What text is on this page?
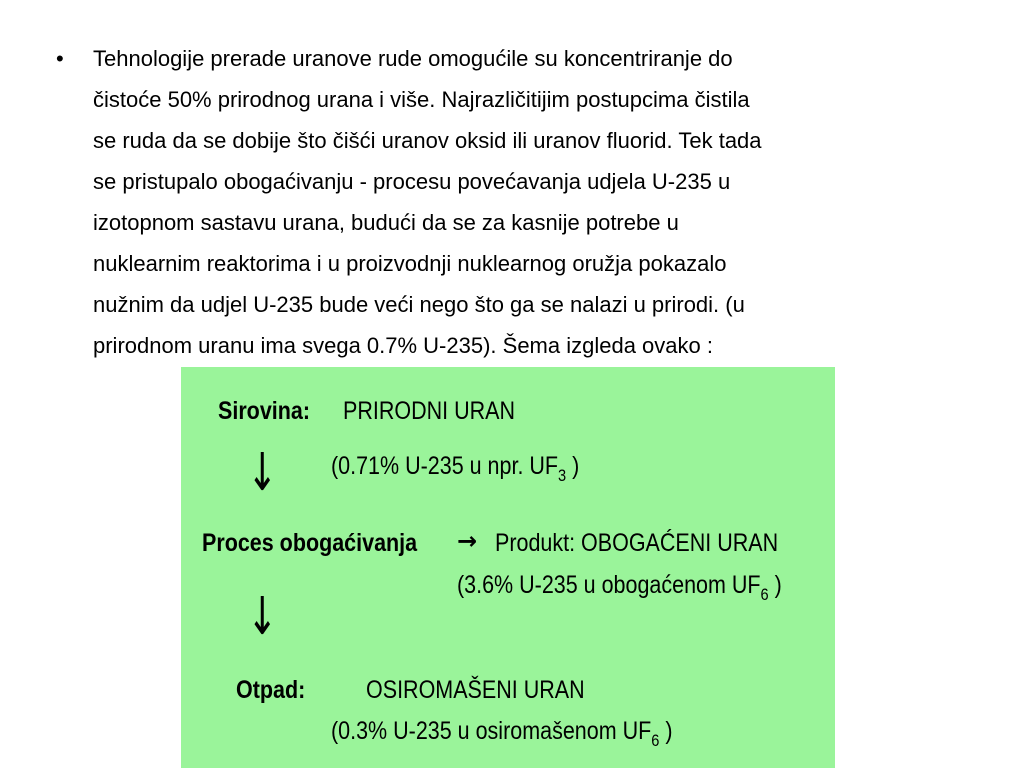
•	Tehnologije prerade uranove rude omogućile su koncentriranje do
čistoće 50% prirodnog urana i više. Najrazličitijim postupcima čistila
se ruda da se dobije što čišći uranov oksid ili uranov fluorid. Tek tada
se pristupalo obogaćivanju - procesu povećavanja udjela U-235 u
izotopnom sastavu urana, budući da se za kasnije potrebe u
nuklearnim reaktorima i u proizvodnji nuklearnog oružja pokazalo
nužnim da udjel U-235 bude veći nego što ga se nalazi u prirodi. (u
prirodnom uranu ima svega 0.7% U-235). Šema izgleda ovako :
Sirovina: PRIRODNI URAN
↓ (0.71% U-235 u npr. $UF_3$ )
Proces obogaćivanja → Produkt: OBOGAĆENI URAN
(3.6% U-235 u obogaćenom $UF_6$ )
↓
Otpad: OSIROMAŠENI URAN
(0.3% U-235 u osiromašenom $UF_6$ )
